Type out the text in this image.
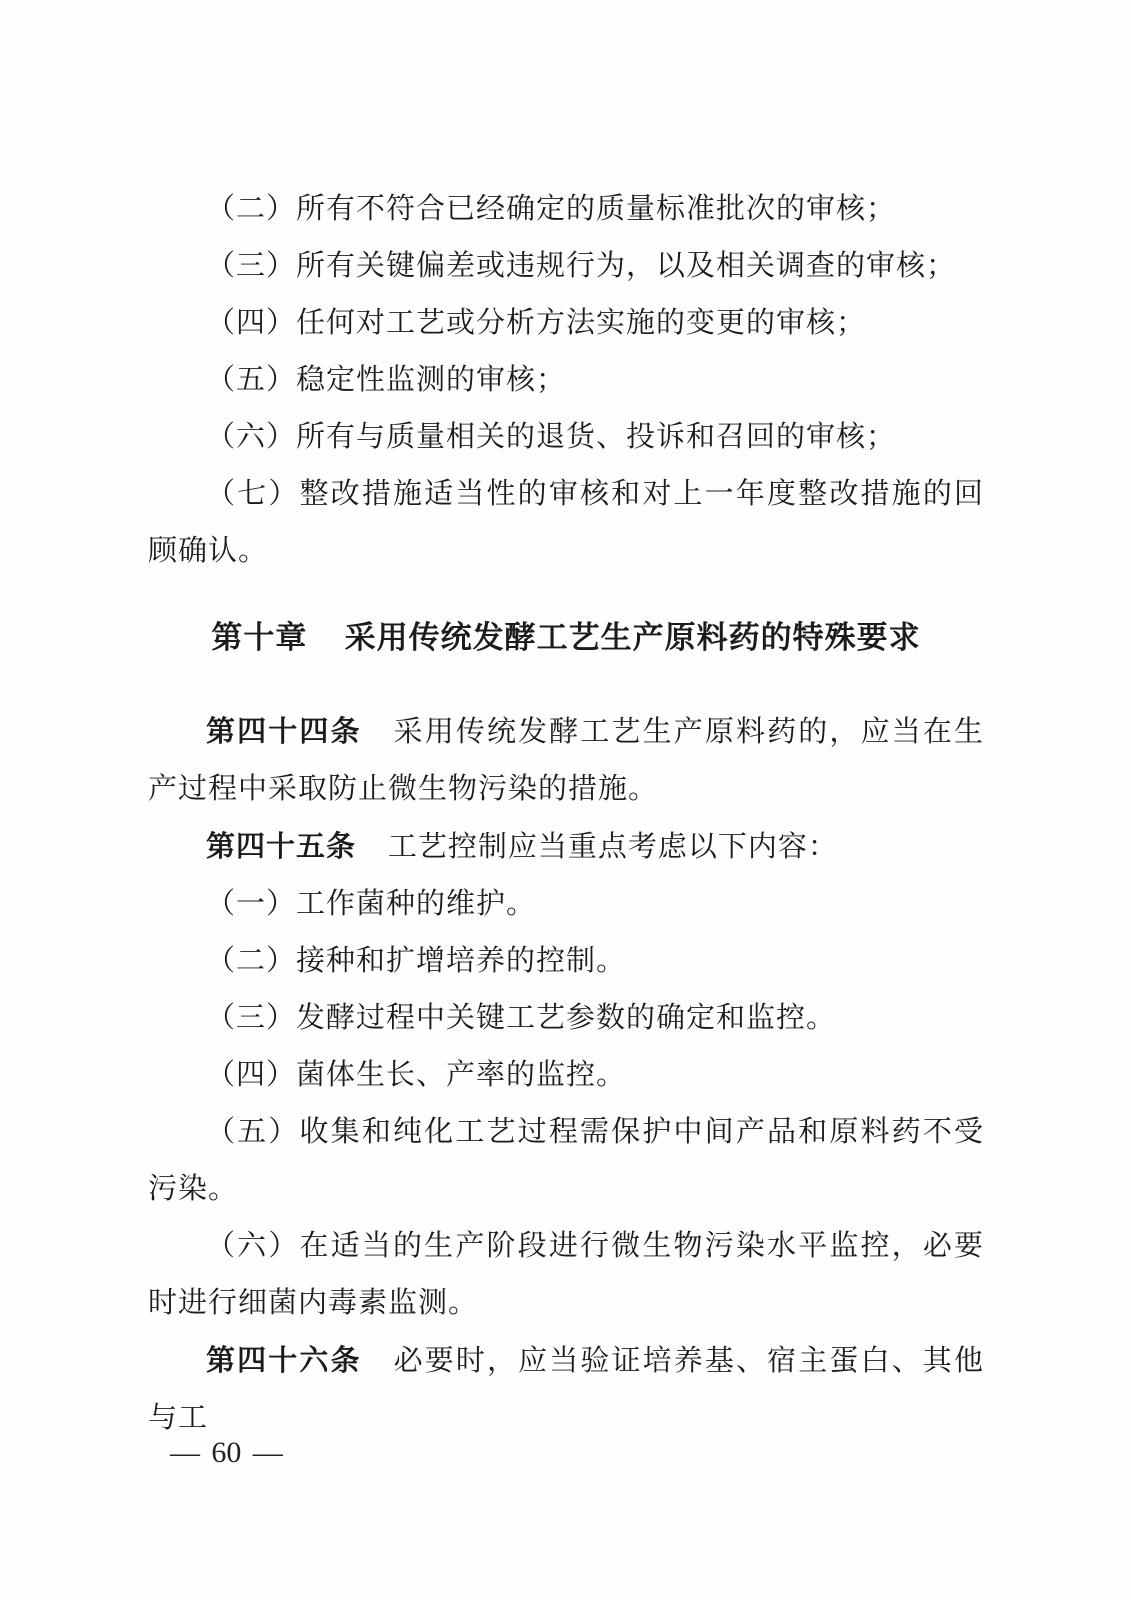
（二）所有不符合已经确定的质量标准批次的审核；

（三）所有关键偏差或违规行为，以及相关调查的审核；

（四）任何对工艺或分析方法实施的变更的审核；

（五）稳定性监测的审核；

（六）所有与质量相关的退货、投诉和召回的审核；

（七）整改措施适当性的审核和对上一年度整改措施的回顾确认。

第十章 采用传统发酵工艺生产原料药的特殊要求

第四十四条 采用传统发酵工艺生产原料药的，应当在生产过程中采取防止微生物污染的措施。

第四十五条 工艺控制应当重点考虑以下内容：

（一）工作菌种的维护。

（二）接种和扩增培养的控制。

（三）发酵过程中关键工艺参数的确定和监控。

（四）菌体生长、产率的监控。

（五）收集和纯化工艺过程需保护中间产品和原料药不受污染。

（六）在适当的生产阶段进行微生物污染水平监控，必要时进行细菌内毒素监测。

第四十六条 必要时，应当验证培养基、宿主蛋白、其他与工

— 60 —
